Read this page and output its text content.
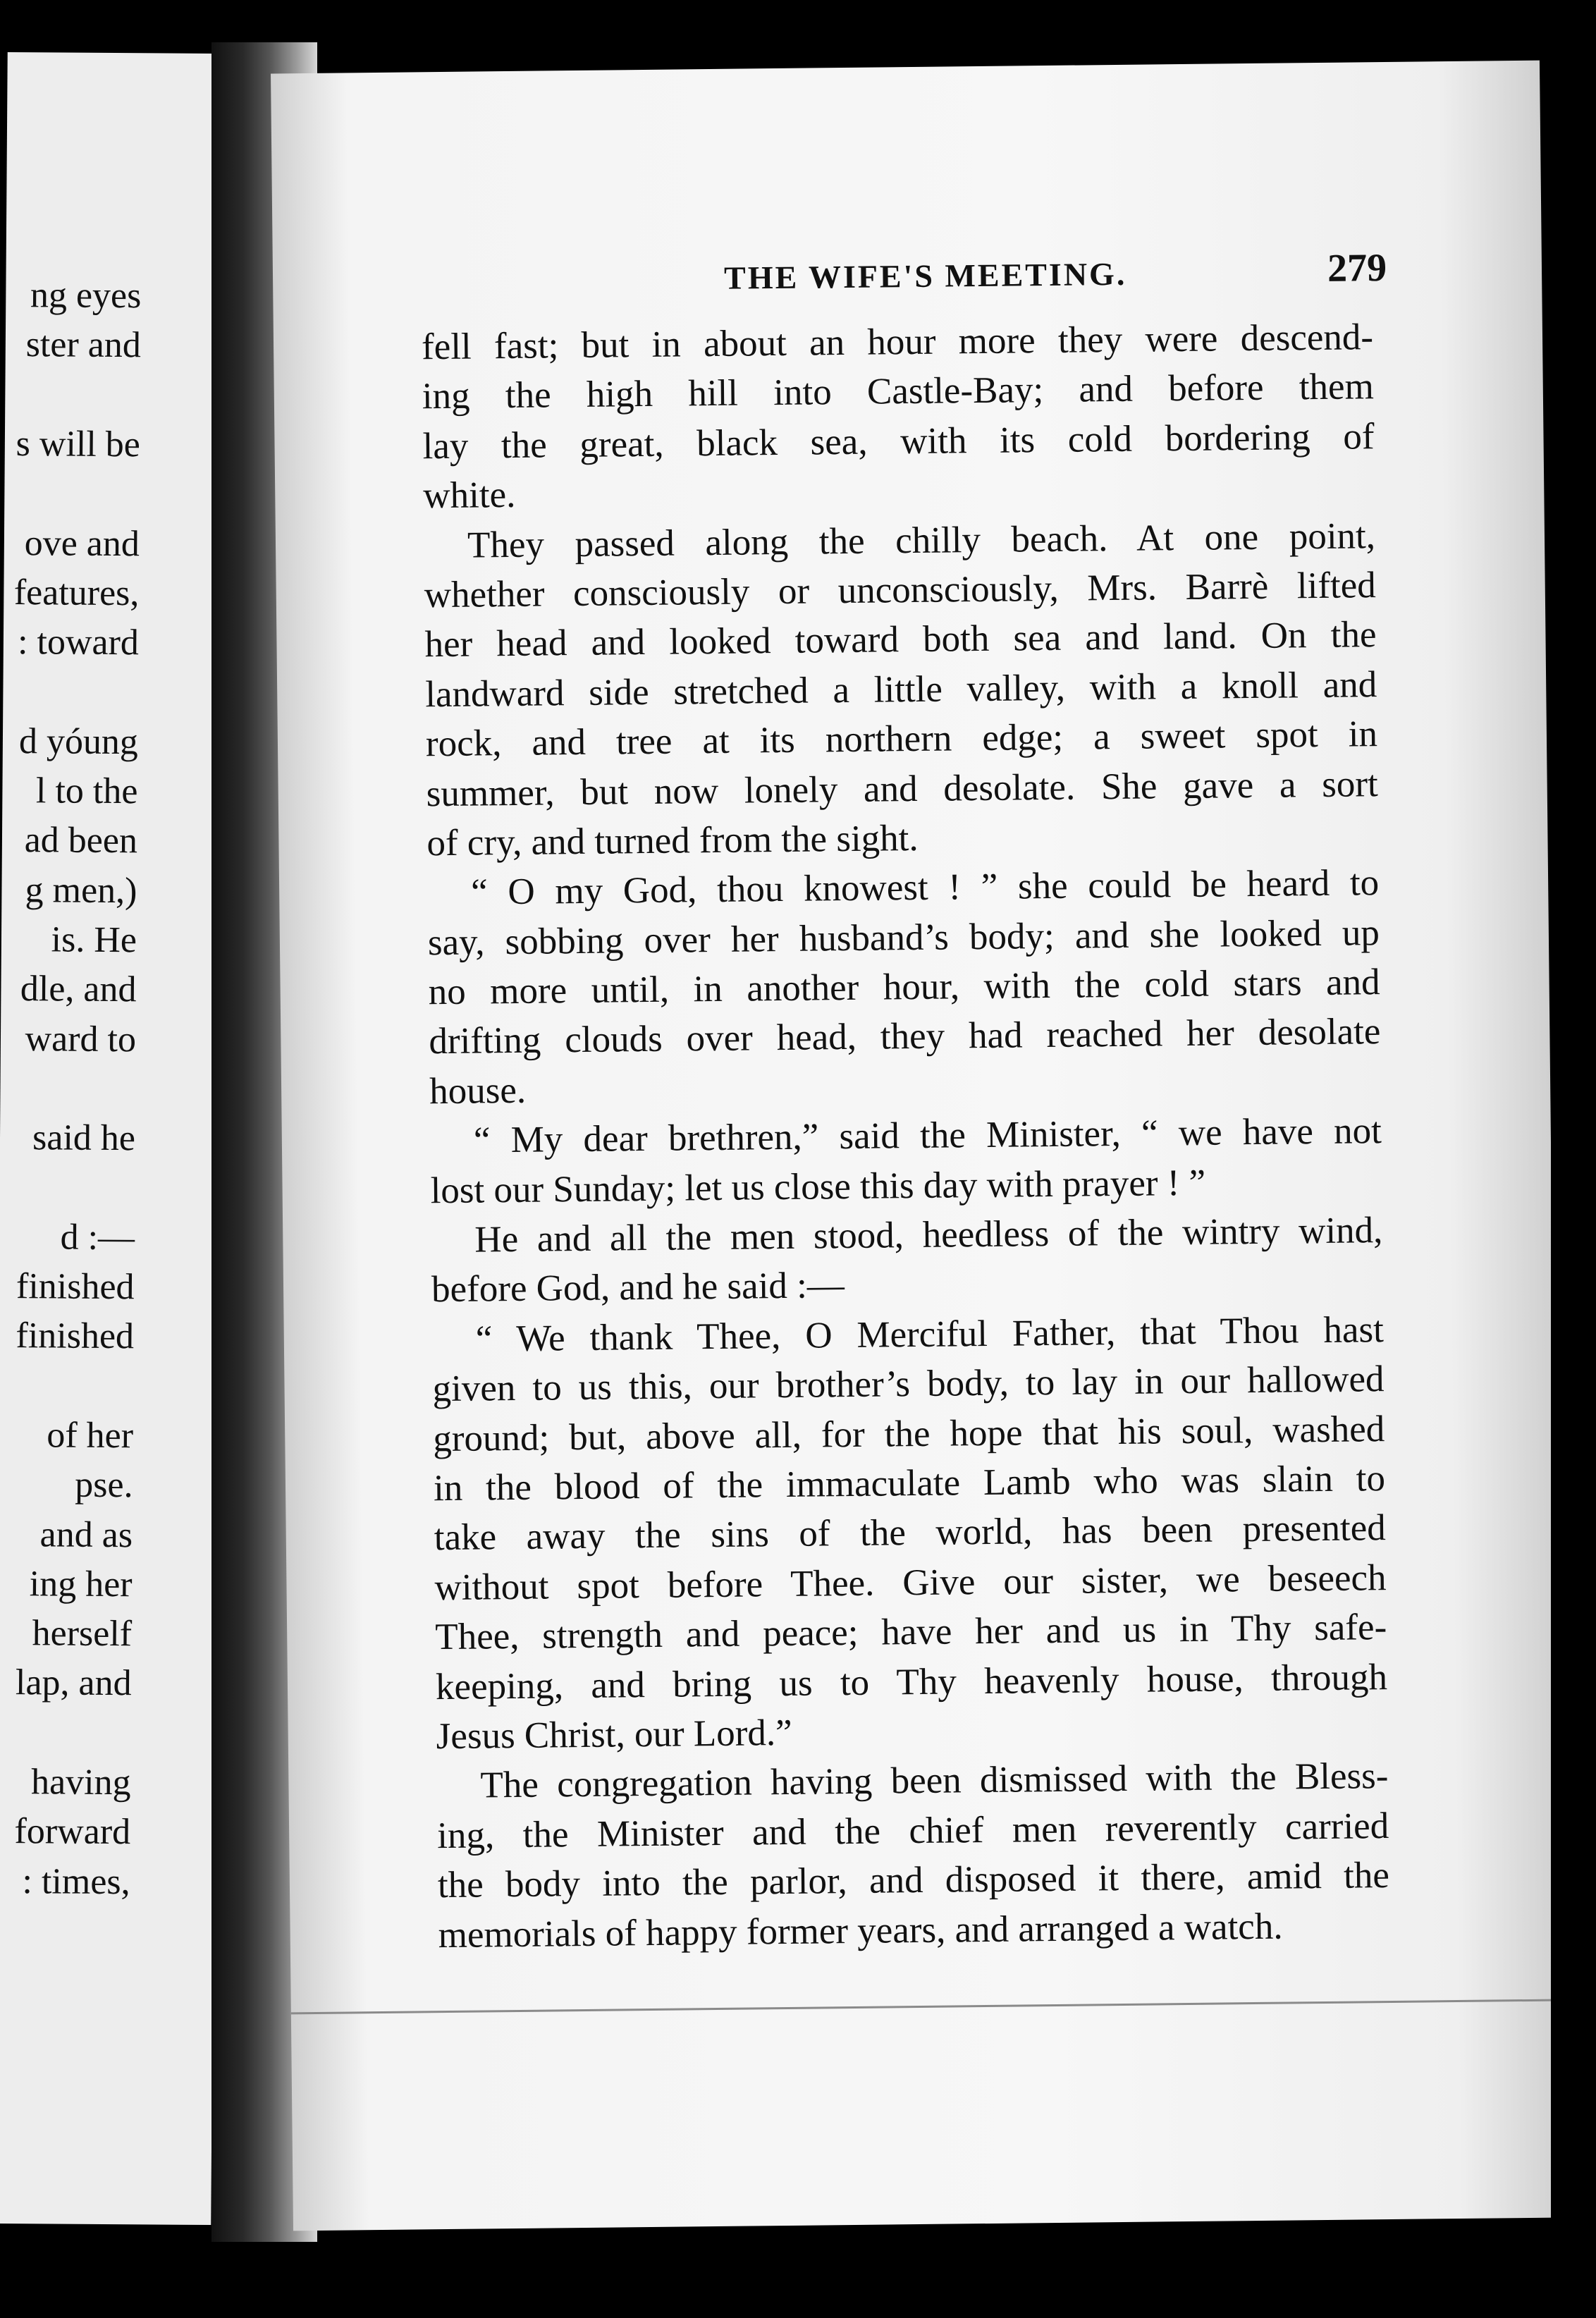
ng eyes
ster and
s will be
ove and
features,
: toward
d yóung
l to the
ad been
g men,)
is. He
dle, and
ward to
said he
d :—
finished
finished
of her
pse.
and as
ing her
herself
lap, and
having
forward
: times,
THE WIFE'S MEETING.	279
fell fast; but in about an hour more they were descend-
ing the high hill into Castle-Bay; and before them
lay the great, black sea, with its cold bordering of
white.
They passed along the chilly beach. At one point,
whether consciously or unconsciously, Mrs. Barrè lifted
her head and looked toward both sea and land. On the
landward side stretched a little valley, with a knoll and
rock, and tree at its northern edge; a sweet spot in
summer, but now lonely and desolate. She gave a sort
of cry, and turned from the sight.
“ O my God, thou knowest ! ” she could be heard to
say, sobbing over her husband’s body; and she looked up
no more until, in another hour, with the cold stars and
drifting clouds over head, they had reached her desolate
house.
“ My dear brethren,” said the Minister, “ we have not
lost our Sunday; let us close this day with prayer ! ”
He and all the men stood, heedless of the wintry wind,
before God, and he said :—
“ We thank Thee, O Merciful Father, that Thou hast
given to us this, our brother’s body, to lay in our hallowed
ground; but, above all, for the hope that his soul, washed
in the blood of the immaculate Lamb who was slain to
take away the sins of the world, has been presented
without spot before Thee. Give our sister, we beseech
Thee, strength and peace; have her and us in Thy safe-
keeping, and bring us to Thy heavenly house, through
Jesus Christ, our Lord.”
The congregation having been dismissed with the Bless-
ing, the Minister and the chief men reverently carried
the body into the parlor, and disposed it there, amid the
memorials of happy former years, and arranged a watch.
